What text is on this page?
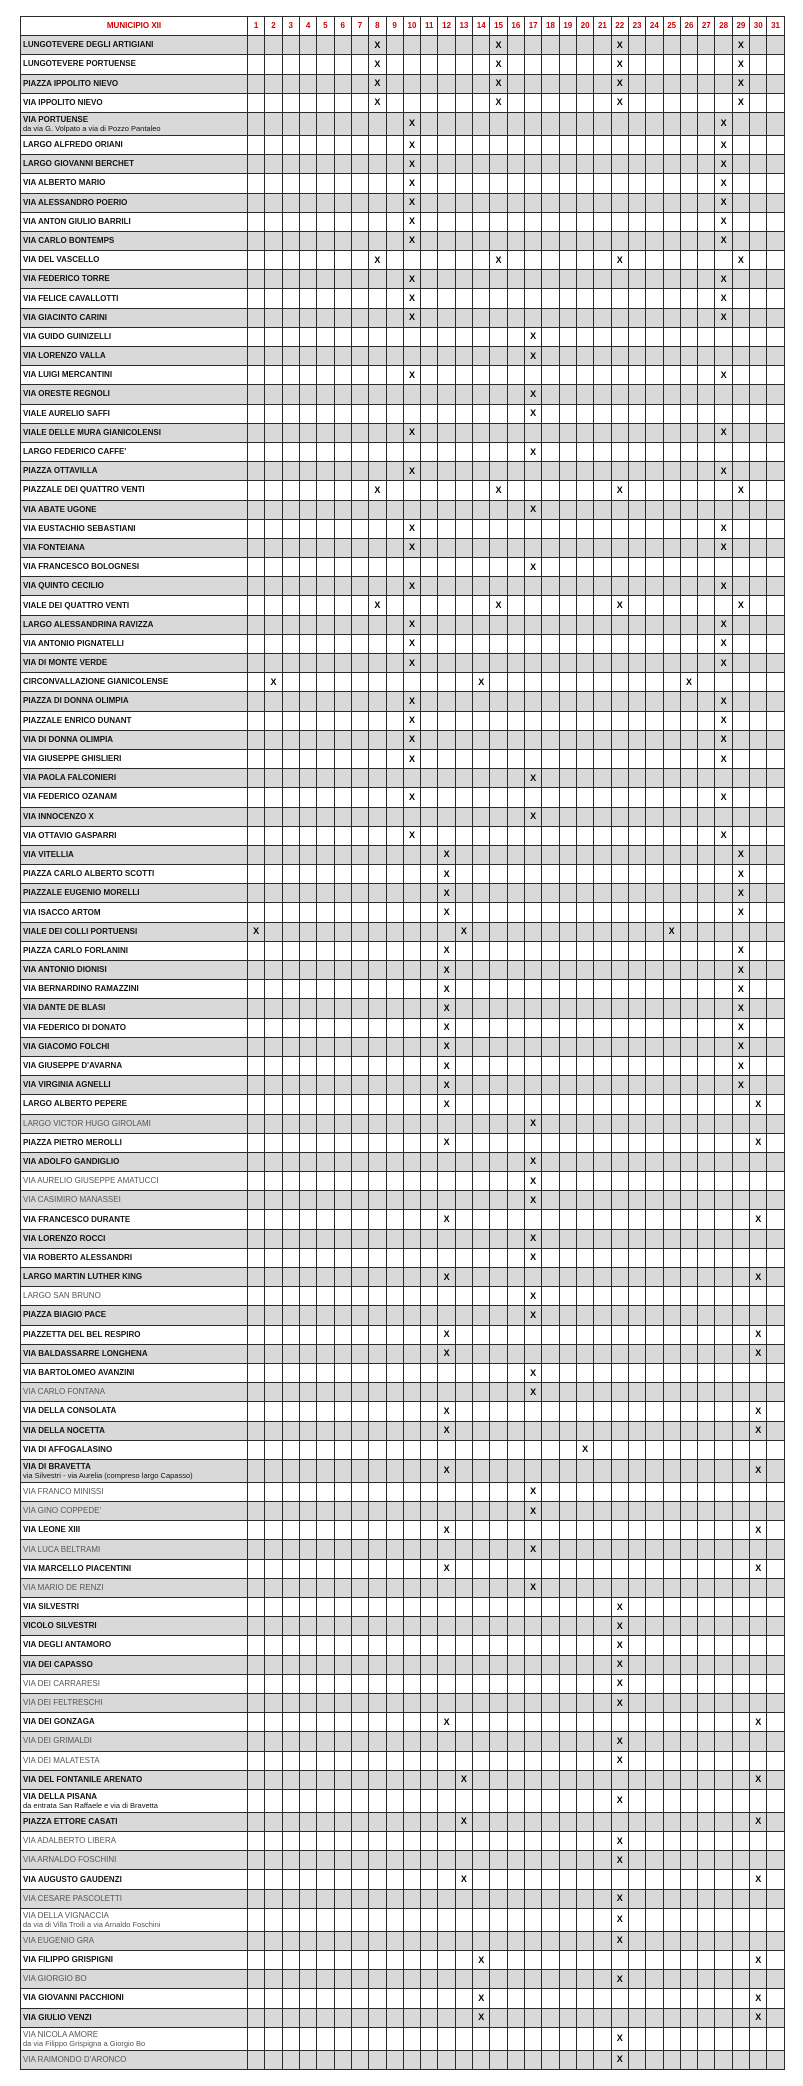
MUNICIPIO XII	1	2	3	4	5	6	7	8	9	10	11	12	13	14	15	16	17	18	19	20	21	22	23	24	25	26	27	28	29	30	31
LUNGOTEVERE DEGLI ARTIGIANI								X							X							X							X		
LUNGOTEVERE PORTUENSE								X							X							X							X		
PIAZZA IPPOLITO NIEVO								X							X							X							X		
VIA IPPOLITO NIEVO								X							X							X							X		
VIA PORTUENSE
da via G. Volpato a via di Pozzo Pantaleo										X																		X			
LARGO ALFREDO ORIANI										X																		X			
LARGO GIOVANNI BERCHET										X																		X			
VIA ALBERTO MARIO										X																		X			
VIA ALESSANDRO POERIO										X																		X			
VIA ANTON GIULIO BARRILI										X																		X			
VIA CARLO BONTEMPS										X																		X			
VIA DEL VASCELLO								X							X							X							X		
VIA FEDERICO TORRE										X																		X			
VIA FELICE CAVALLOTTI										X																		X			
VIA GIACINTO CARINI										X																		X			
VIA GUIDO GUINIZELLI																	X														
VIA LORENZO VALLA																	X														
VIA LUIGI MERCANTINI										X																		X			
VIA ORESTE REGNOLI																	X														
VIALE AURELIO SAFFI																	X														
VIALE DELLE MURA GIANICOLENSI										X																		X			
LARGO FEDERICO CAFFE'																	X														
PIAZZA OTTAVILLA										X																		X			
PIAZZALE DEI QUATTRO VENTI								X							X							X							X		
VIA ABATE UGONE																	X														
VIA EUSTACHIO SEBASTIANI										X																		X			
VIA FONTEIANA										X																		X			
VIA FRANCESCO BOLOGNESI																	X														
VIA QUINTO CECILIO										X																		X			
VIALE DEI QUATTRO VENTI								X							X							X							X		
LARGO ALESSANDRINA RAVIZZA										X																		X			
VIA ANTONIO PIGNATELLI										X																		X			
VIA DI MONTE VERDE										X																		X			
CIRCONVALLAZIONE GIANICOLENSE		X												X												X					
PIAZZA DI DONNA OLIMPIA										X																		X			
PIAZZALE ENRICO DUNANT										X																		X			
VIA DI DONNA OLIMPIA										X																		X			
VIA GIUSEPPE GHISLIERI										X																		X			
VIA PAOLA FALCONIERI																	X														
VIA FEDERICO OZANAM										X																		X			
VIA INNOCENZO X																	X														
VIA OTTAVIO GASPARRI										X																		X			
VIA VITELLIA												X																	X		
PIAZZA CARLO ALBERTO SCOTTI												X																	X		
PIAZZALE EUGENIO MORELLI												X																	X		
VIA ISACCO ARTOM												X																	X		
VIALE DEI COLLI PORTUENSI	X												X												X						
PIAZZA CARLO FORLANINI												X																	X		
VIA ANTONIO DIONISI												X																	X		
VIA BERNARDINO RAMAZZINI												X																	X		
VIA DANTE DE BLASI												X																	X		
VIA FEDERICO DI DONATO												X																	X		
VIA GIACOMO FOLCHI												X																	X		
VIA GIUSEPPE D'AVARNA												X																	X		
VIA VIRGINIA AGNELLI												X																	X		
LARGO ALBERTO PEPERE												X																		X	
LARGO VICTOR HUGO GIROLAMI																	X														
PIAZZA PIETRO MEROLLI												X																		X	
VIA ADOLFO GANDIGLIO																	X														
VIA AURELIO GIUSEPPE AMATUCCI																	X														
VIA CASIMIRO MANASSEI																	X														
VIA FRANCESCO DURANTE												X																		X	
VIA LORENZO ROCCI																	X														
VIA ROBERTO ALESSANDRI																	X														
LARGO MARTIN LUTHER KING												X																		X	
LARGO SAN BRUNO																	X														
PIAZZA BIAGIO PACE																	X														
PIAZZETTA DEL BEL RESPIRO												X																		X	
VIA BALDASSARRE LONGHENA												X																		X	
VIA BARTOLOMEO AVANZINI																	X														
VIA CARLO FONTANA																	X														
VIA DELLA CONSOLATA												X																		X	
VIA DELLA NOCETTA												X																		X	
VIA DI AFFOGALASINO																				X											
VIA DI BRAVETTA
via Silvestri - via Aurelia (compreso largo Capasso)												X																		X	
VIA FRANCO MINISSI																	X														
VIA GINO COPPEDE'																	X														
VIA LEONE XIII												X																		X	
VIA LUCA BELTRAMI																	X														
VIA MARCELLO PIACENTINI												X																		X	
VIA MARIO DE RENZI																	X														
VIA SILVESTRI																						X									
VICOLO SILVESTRI																						X									
VIA DEGLI ANTAMORO																						X									
VIA DEI CAPASSO																						X									
VIA DEI CARRARESI																						X									
VIA DEI FELTRESCHI																						X									
VIA DEI GONZAGA												X																		X	
VIA DEI GRIMALDI																						X									
VIA DEI MALATESTA																						X									
VIA DEL FONTANILE ARENATO													X																	X	
VIA DELLA PISANA
da entrata San Raffaele e via di Bravetta																						X									
PIAZZA ETTORE CASATI													X																	X	
VIA ADALBERTO LIBERA																						X									
VIA ARNALDO FOSCHINI																						X									
VIA AUGUSTO GAUDENZI													X																	X	
VIA CESARE PASCOLETTI																						X									
VIA DELLA VIGNACCIA
da via di Villa Troili a via Arnaldo Foschini																						X									
VIA EUGENIO GRA																						X									
VIA FILIPPO GRISPIGNI														X																X	
VIA GIORGIO BO																						X									
VIA GIOVANNI PACCHIONI														X																X	
VIA GIULIO VENZI														X																X	
VIA NICOLA AMORE
da via Filippo Grispigna a Giorgio Bo																						X									
VIA RAIMONDO D'ARONCO																						X									
